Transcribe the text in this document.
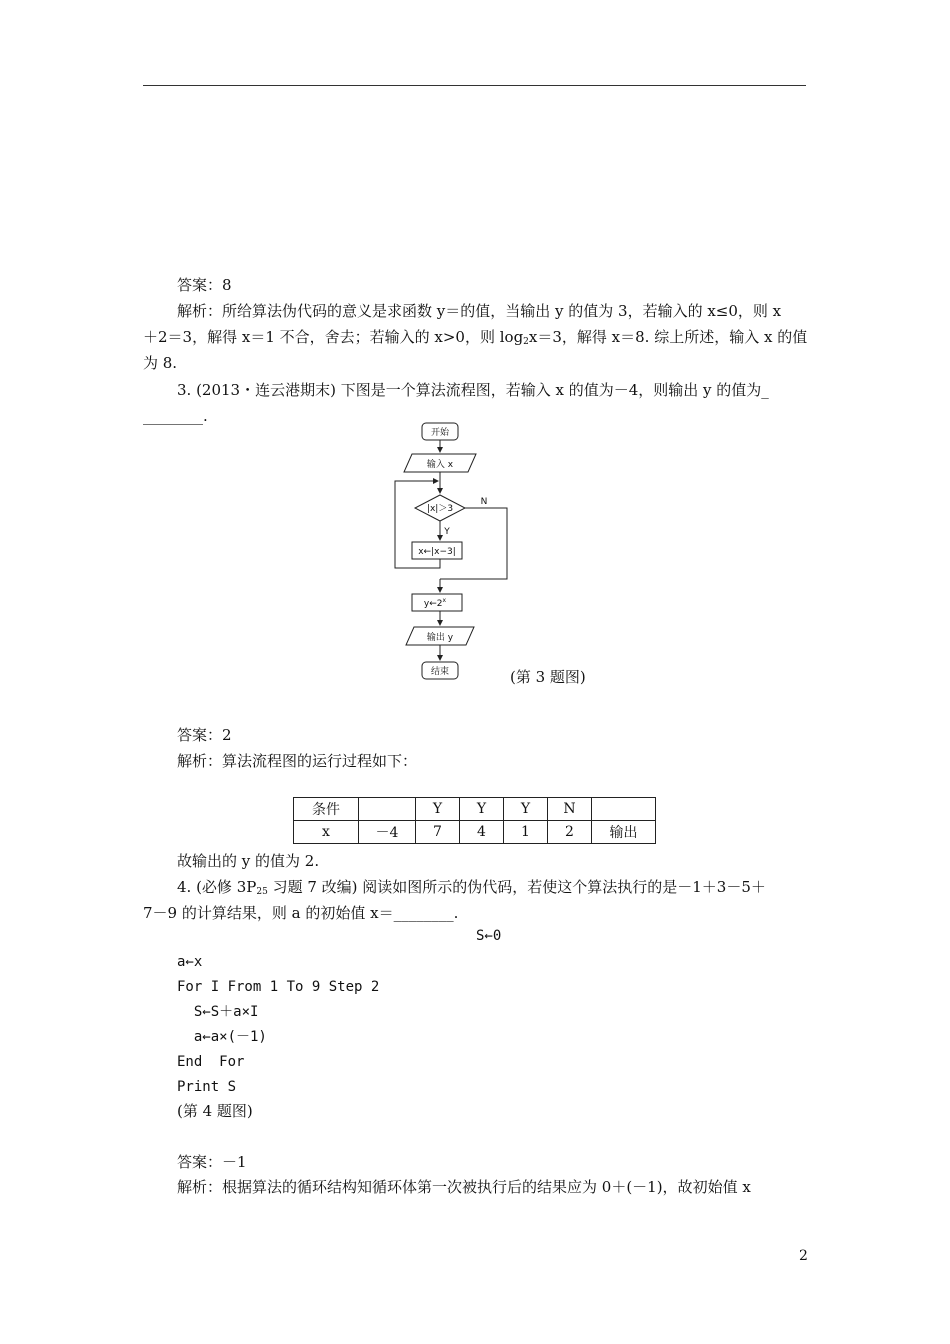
答案：8
解析：所给算法伪代码的意义是求函数 y＝的值，当输出 y 的值为 3，若输入的 x≤0，则 x
＋2＝3，解得 x＝1 不合，舍去；若输入的 x>0，则 $\log_2x=3$，解得 x＝8. 综上所述，输入 x 的值
为 8.
3. (2013・连云港期末) 下图是一个算法流程图，若输入 x 的值为－4，则输出 y 的值为_
________.
开始
输入 x
|x|＞3
Y
N
x←|x−3|
y←2$^x$
输出 y
结束	(第 3 题图)
答案：2
解析：算法流程图的运行过程如下：
条件		Y	Y	Y	N	
x	－4	7	4	1	2	输出
故输出的 y 的值为 2.
4. (必修 $3P_{25}$ 习题 7 改编) 阅读如图所示的伪代码，若使这个算法执行的是－1＋3－5＋
7－9 的计算结果，则 a 的初始值 x＝________.
S←0
a←x
For I From 1 To 9 Step 2
S←S＋a×I
a←a×(－1)
End  For
Print S
(第 4 题图)
答案：－1
解析：根据算法的循环结构知循环体第一次被执行后的结果应为 0＋(－1)，故初始值 x
2
